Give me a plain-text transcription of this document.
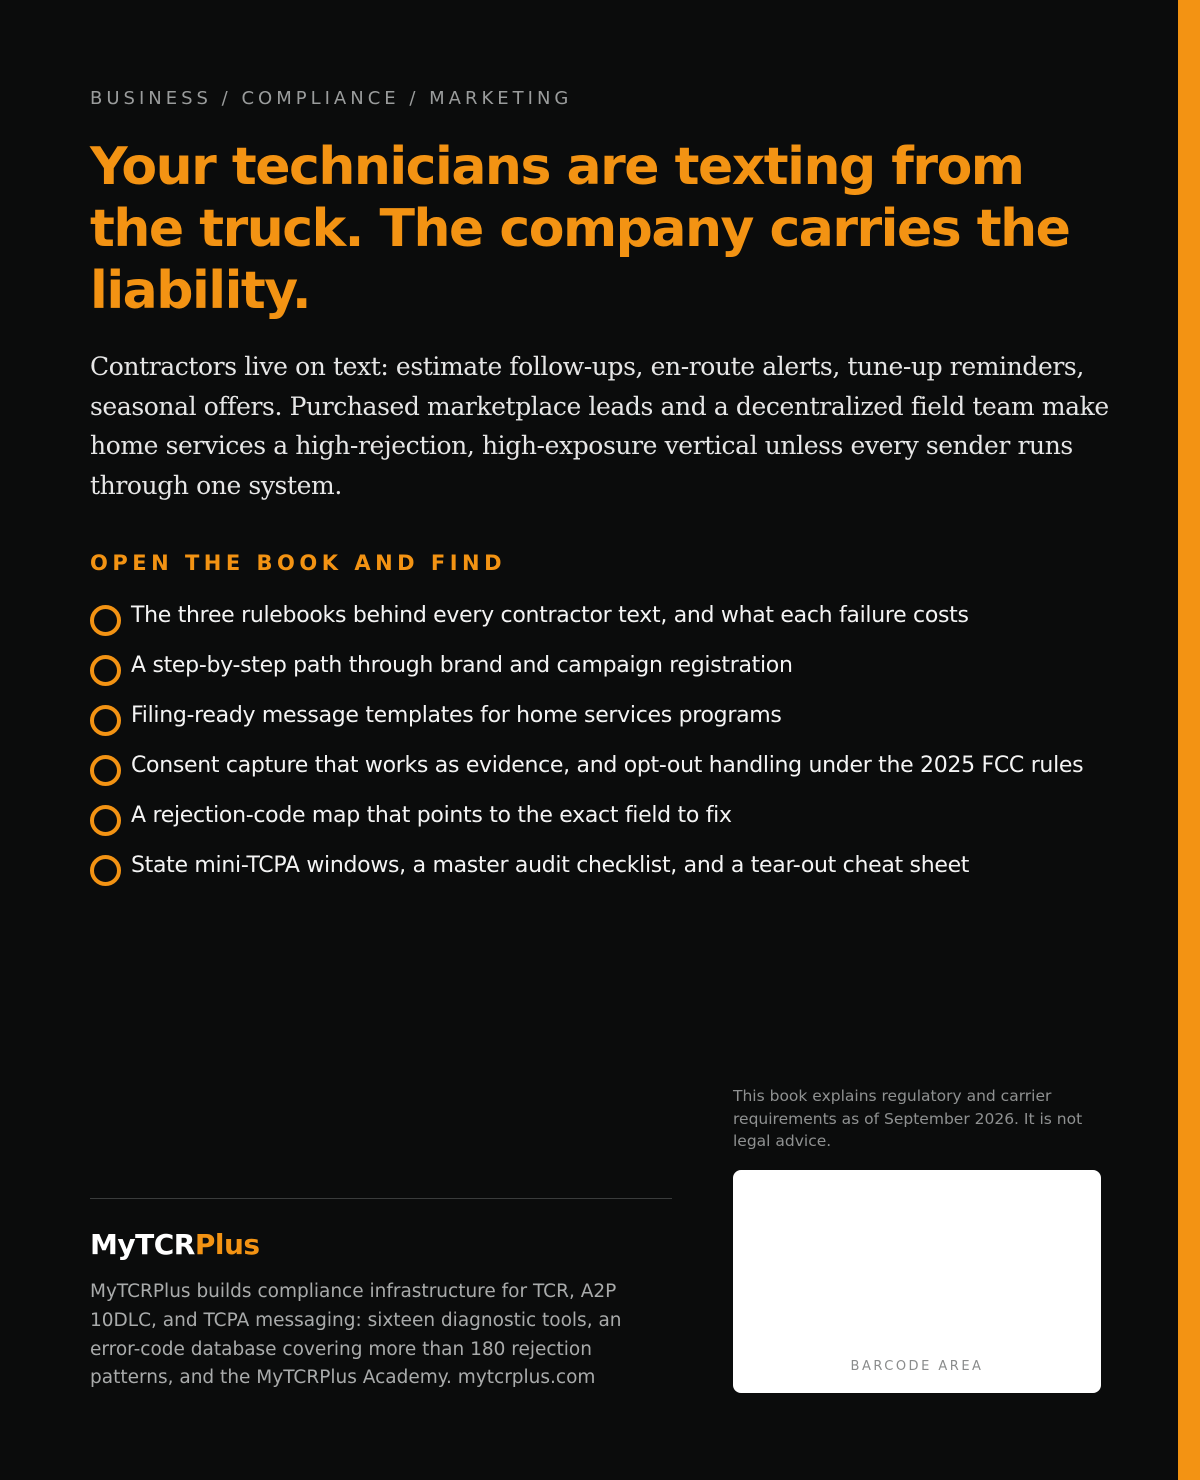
BUSINESS / COMPLIANCE / MARKETING
Your technicians are texting from the truck. The company carries the liability.

Contractors live on text: estimate follow-ups, en-route alerts, tune-up reminders, seasonal offers. Purchased marketplace leads and a decentralized field team make home services a high-rejection, high-exposure vertical unless every sender runs through one system.

OPEN THE BOOK AND FIND
The three rulebooks behind every contractor text, and what each failure costs
A step-by-step path through brand and campaign registration
Filing-ready message templates for home services programs
Consent capture that works as evidence, and opt-out handling under the 2025 FCC rules
A rejection-code map that points to the exact field to fix
State mini-TCPA windows, a master audit checklist, and a tear-out cheat sheet
MyTCRPlus

MyTCRPlus builds compliance infrastructure for TCR, A2P 10DLC, and TCPA messaging: sixteen diagnostic tools, an error-code database covering more than 180 rejection patterns, and the MyTCRPlus Academy. mytcrplus.com

This book explains regulatory and carrier requirements as of September 2026. It is not legal advice.

BARCODE AREA
